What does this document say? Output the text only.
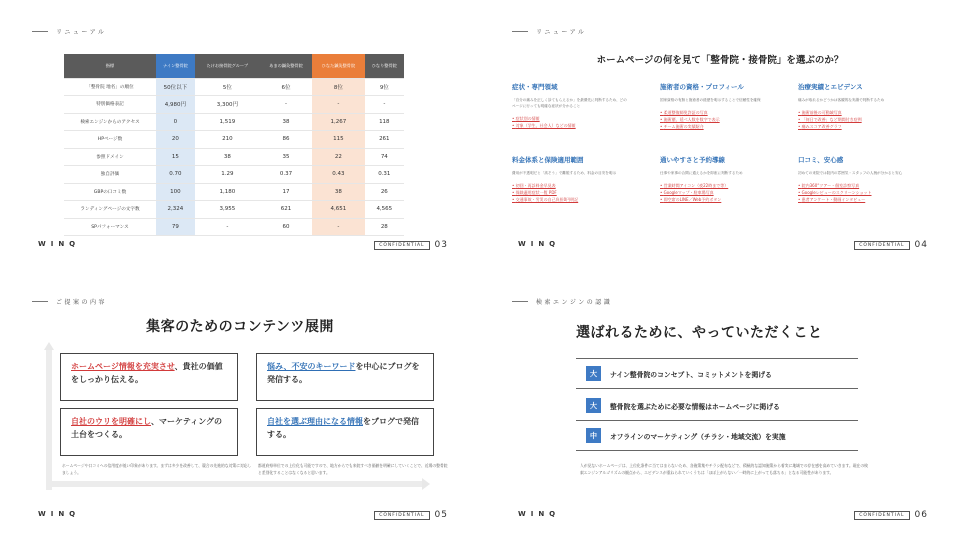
リニューアル
指標	ナイン整骨院	たけお接骨院グループ	あまの鍼灸整骨院	ひなた鍼灸整骨院	ひなり整骨院
「整骨院 地名」の順位	50位以下	5位	6位	8位	9位
特別価格表記	4,980円	3,300円	-	-	-
検索エンジンからのアクセス	0	1,519	38	1,267	118
HPページ数	20	210	86	115	261
参照ドメイン	15	38	35	22	74
独自評価	0.70	1.29	0.37	0.43	0.31
GBPの口コミ数	100	1,180	17	38	26
ランディングページの文字数	2,324	3,955	621	4,651	4,565
SPパフォーマンス	79	-	60	-	28
WINQ	CONFIDENTIAL	03
リニューアル
ホームページの何を見て「整骨院・接骨院」を選ぶのか？
症状・専門領域
「自分の痛みを正しく診てもらえるか」を最優先に判断するため、どのページに行っても明確な症状が分かること
• 症状別の情報
• 対象（学生、社会人）などの情報
施術者の資格・プロフィール
国家資格の有無と施術者の経歴を明示することで信頼性を確保
• 柔道整復師免許証の写真
• 施術歴、延べ人数を数字で表示
• チーム施術の実績紹介
治療実績とエビデンス
痛みが取れるかどうかは客観的な実績で判断するため
• 施術前後の可動域写真
• 「何日で改善」など期間付き症例
• 痛みスコア改善グラフ
料金体系と保険適用範囲
費用が不透明だと「高そう」で離脱するため、料金の目安を明示
• 初回・再診料金早見表
• 保険適用症状一覧 PDF
• 交通事故・労災の自己負担0円明記
通いやすさと予約導線
仕事や家事の合間に通えるかを即座に判断するため
• 営業時間アイコン（夜22時まで等）
• Googleマップ・駐車場写真
• 即空席のLINE／Web予約ボタン
口コミ、安心感
初めての来院では院内の雰囲気・スタッフの人柄が分かると安心
• 院内360°ツアー・個室診察写真
• Googleレビューのスクリーンショット
• 患者アンケート・動画インタビュー
WINQ	CONFIDENTIAL	04
ご提案の内容
集客のためのコンテンツ展開
ホームページ情報を充実させ、貴社の価値をしっかり伝える。
悩み、不安のキーワードを中心にブログを発信する。
自社のウリを明確にし、マーケティングの土台をつくる。
自社を選ぶ理由になる情報をブログで発信する。
ホームページや口コミへの信用度が低い印象があります。まずは多少を改善して、競合の先進的な対策に対応しましょう。
都道府県単位での上位化も可能ですので、地方からでも来院すべき価値を明確にしていくことで、近場の整骨院と差別化することはなくなると思います。
WINQ	CONFIDENTIAL	05
検索エンジンの認識
選ばれるために、やっていただくこと
大	ナイン整骨院のコンセプト、コミットメントを掲げる
大	整骨院を選ぶために必要な情報はホームページに掲げる
中	オフラインのマーケティング（チラシ・地域交流）を実施
人が見ないホームページは、上位化条件に当てはまらないため、各施策集やチラシ配布などで、積極的な認知施策から着実に地域での存在感を高めていきます。現在の検索エンジンアルゴリズムの観点から、エビデンスが重ねられていくうちは「ほぼ上がらない／一時的に上がっても落ちる」となる可能性があります。
WINQ	CONFIDENTIAL	06
